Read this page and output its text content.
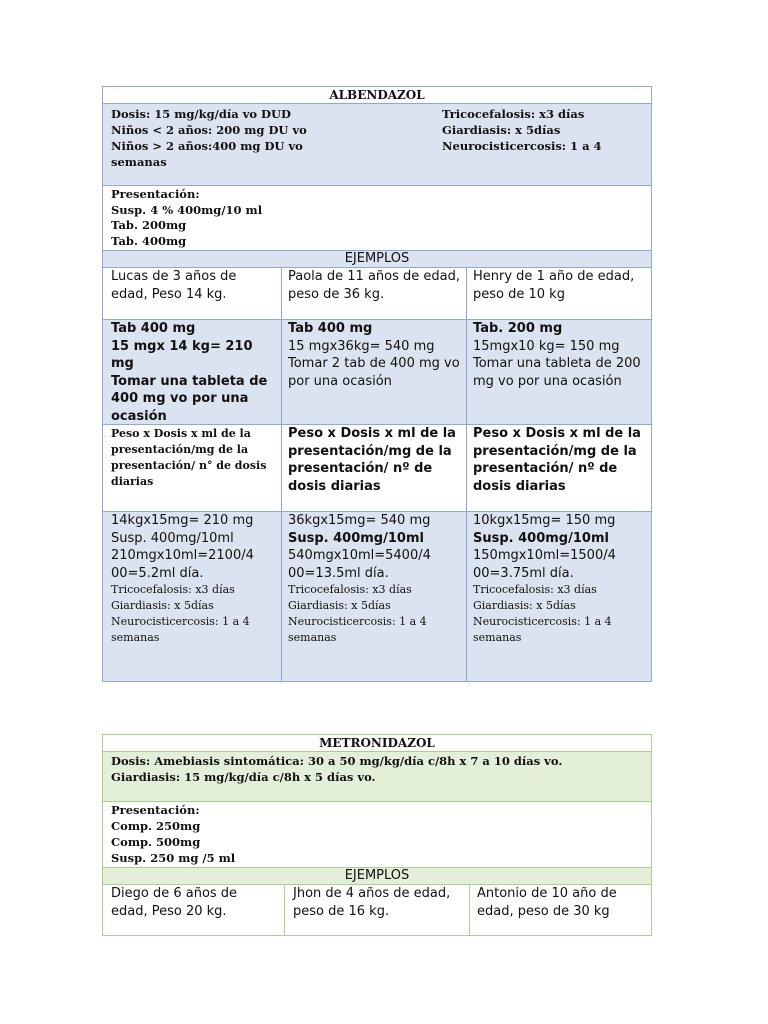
ALBENDAZOL
Dosis: 15 mg/kg/día vo DUD
Niños < 2 años: 200 mg DU vo
Niños > 2 años:400 mg DU vo
semanas
Tricocefalosis: x3 días
Giardiasis: x 5días
Neurocisticercosis: 1 a 4
Presentación:
Susp. 4 % 400mg/10 ml
Tab. 200mg
Tab. 400mg
EJEMPLOS
Lucas de 3 años de edad, Peso 14 kg.
Paola de 11 años de edad, peso de 36 kg.
Henry de 1 año de edad, peso de 10 kg
Tab 400 mg
15 mgx 14 kg= 210 mg
Tomar una tableta de 400 mg vo por una ocasión
Tab 400 mg
15 mgx36kg= 540 mg
Tomar 2 tab de 400 mg vo por una ocasión
Tab. 200 mg
15mgx10 kg= 150 mg
Tomar una tableta de 200 mg vo por una ocasión
Peso x Dosis x ml de la presentación/mg de la presentación/ n° de dosis diarias
Peso x Dosis x ml de la presentación/mg de la presentación/ nº de dosis diarias
Peso x Dosis x ml de la presentación/mg de la presentación/ nº de dosis diarias
14kgx15mg= 210 mg
Susp. 400mg/10ml
210mgx10ml=2100/4
00=5.2ml día.
Tricocefalosis: x3 días
Giardiasis: x 5días
Neurocisticercosis: 1 a 4
semanas
36kgx15mg= 540 mg
Susp. 400mg/10ml
540mgx10ml=5400/4
00=13.5ml día.
Tricocefalosis: x3 días
Giardiasis: x 5días
Neurocisticercosis: 1 a 4
semanas
10kgx15mg= 150 mg
Susp. 400mg/10ml
150mgx10ml=1500/4
00=3.75ml día.
Tricocefalosis: x3 días
Giardiasis: x 5días
Neurocisticercosis: 1 a 4
semanas
METRONIDAZOL
Dosis: Amebiasis sintomática: 30 a 50 mg/kg/día c/8h x 7 a 10 días vo.
Giardiasis: 15 mg/kg/día c/8h x 5 días vo.
Presentación:
Comp. 250mg
Comp. 500mg
Susp. 250 mg /5 ml
EJEMPLOS
Diego de 6 años de edad, Peso 20 kg.
Jhon de 4 años de edad, peso de 16 kg.
Antonio de 10 año de edad, peso de 30 kg
